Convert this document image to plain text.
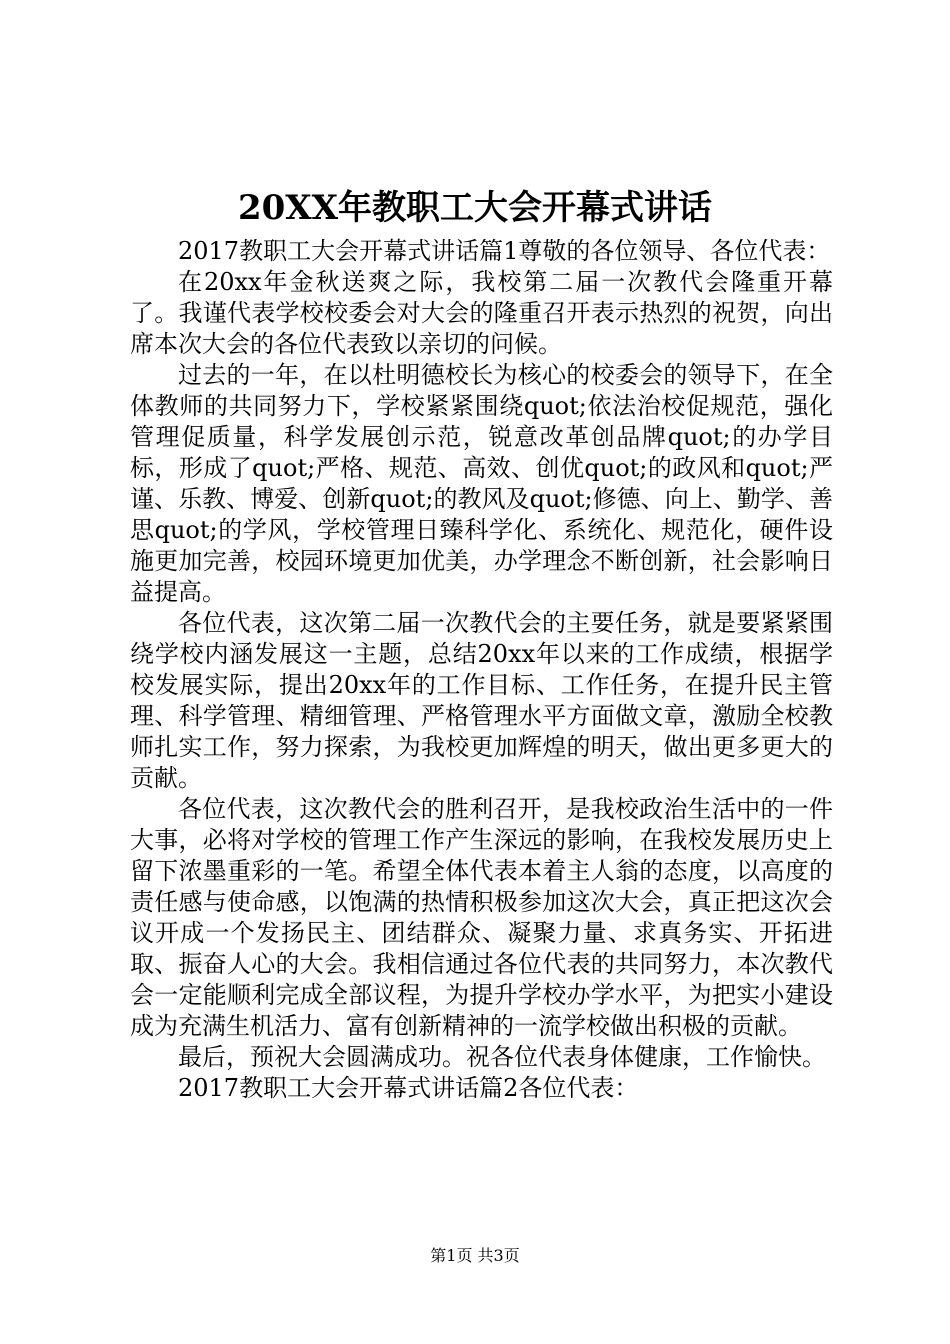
20XX年教职工大会开幕式讲话

2017教职工大会开幕式讲话篇1尊敬的各位领导、各位代表：

在20xx年金秋送爽之际，我校第二届一次教代会隆重开幕了。我谨代表学校校委会对大会的隆重召开表示热烈的祝贺，向出席本次大会的各位代表致以亲切的问候。

过去的一年，在以杜明德校长为核心的校委会的领导下，在全体教师的共同努力下，学校紧紧围绕quot;依法治校促规范，强化管理促质量，科学发展创示范，锐意改革创品牌quot;的办学目标，形成了quot;严格、规范、高效、创优quot;的政风和quot;严谨、乐教、博爱、创新quot;的教风及quot;修德、向上、勤学、善思quot;的学风，学校管理日臻科学化、系统化、规范化，硬件设施更加完善，校园环境更加优美，办学理念不断创新，社会影响日益提高。

各位代表，这次第二届一次教代会的主要任务，就是要紧紧围绕学校内涵发展这一主题，总结20xx年以来的工作成绩，根据学校发展实际，提出20xx年的工作目标、工作任务，在提升民主管理、科学管理、精细管理、严格管理水平方面做文章，激励全校教师扎实工作，努力探索，为我校更加辉煌的明天，做出更多更大的贡献。

各位代表，这次教代会的胜利召开，是我校政治生活中的一件大事，必将对学校的管理工作产生深远的影响，在我校发展历史上留下浓墨重彩的一笔。希望全体代表本着主人翁的态度，以高度的责任感与使命感，以饱满的热情积极参加这次大会，真正把这次会议开成一个发扬民主、团结群众、凝聚力量、求真务实、开拓进取、振奋人心的大会。我相信通过各位代表的共同努力，本次教代会一定能顺利完成全部议程，为提升学校办学水平，为把实小建设成为充满生机活力、富有创新精神的一流学校做出积极的贡献。

最后，预祝大会圆满成功。祝各位代表身体健康，工作愉快。

2017教职工大会开幕式讲话篇2各位代表：

第1页 共3页
